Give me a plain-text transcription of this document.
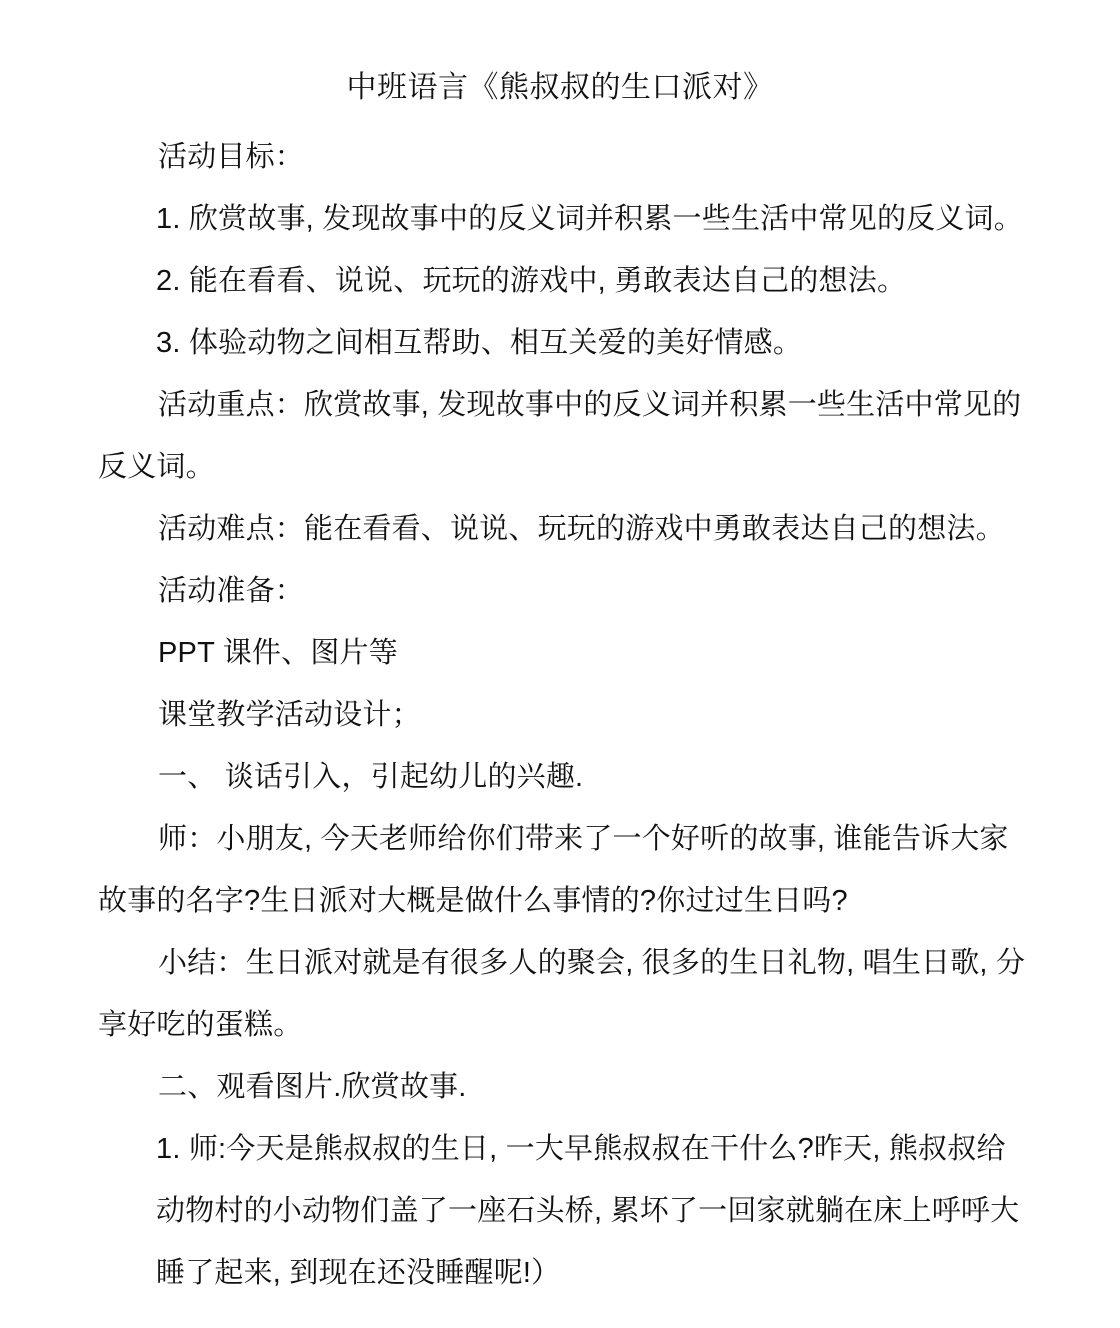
中班语言《熊叔叔的生口派对》

活动目标：

1. 欣赏故事, 发现故事中的反义词并积累一些生活中常见的反义词。

2. 能在看看、说说、玩玩的游戏中, 勇敢表达自己的想法。

3. 体验动物之间相互帮助、相互关爱的美好情感。

活动重点：欣赏故事, 发现故事中的反义词并积累一些生活中常见的反义词。

活动难点：能在看看、说说、玩玩的游戏中勇敢表达自己的想法。

活动准备：

PPT 课件、图片等

课堂教学活动设计；

一、 谈话引入，引起幼儿的兴趣.

师：小朋友, 今天老师给你们带来了一个好听的故事, 谁能告诉大家故事的名字?生日派对大概是做什么事情的?你过过生日吗?

小结：生日派对就是有很多人的聚会, 很多的生日礼物, 唱生日歌, 分享好吃的蛋糕。

二、观看图片.欣赏故事.

1. 师:今天是熊叔叔的生日, 一大早熊叔叔在干什么?昨天, 熊叔叔给动物村的小动物们盖了一座石头桥, 累坏了一回家就躺在床上呼呼大睡了起来, 到现在还没睡醒呢!）
